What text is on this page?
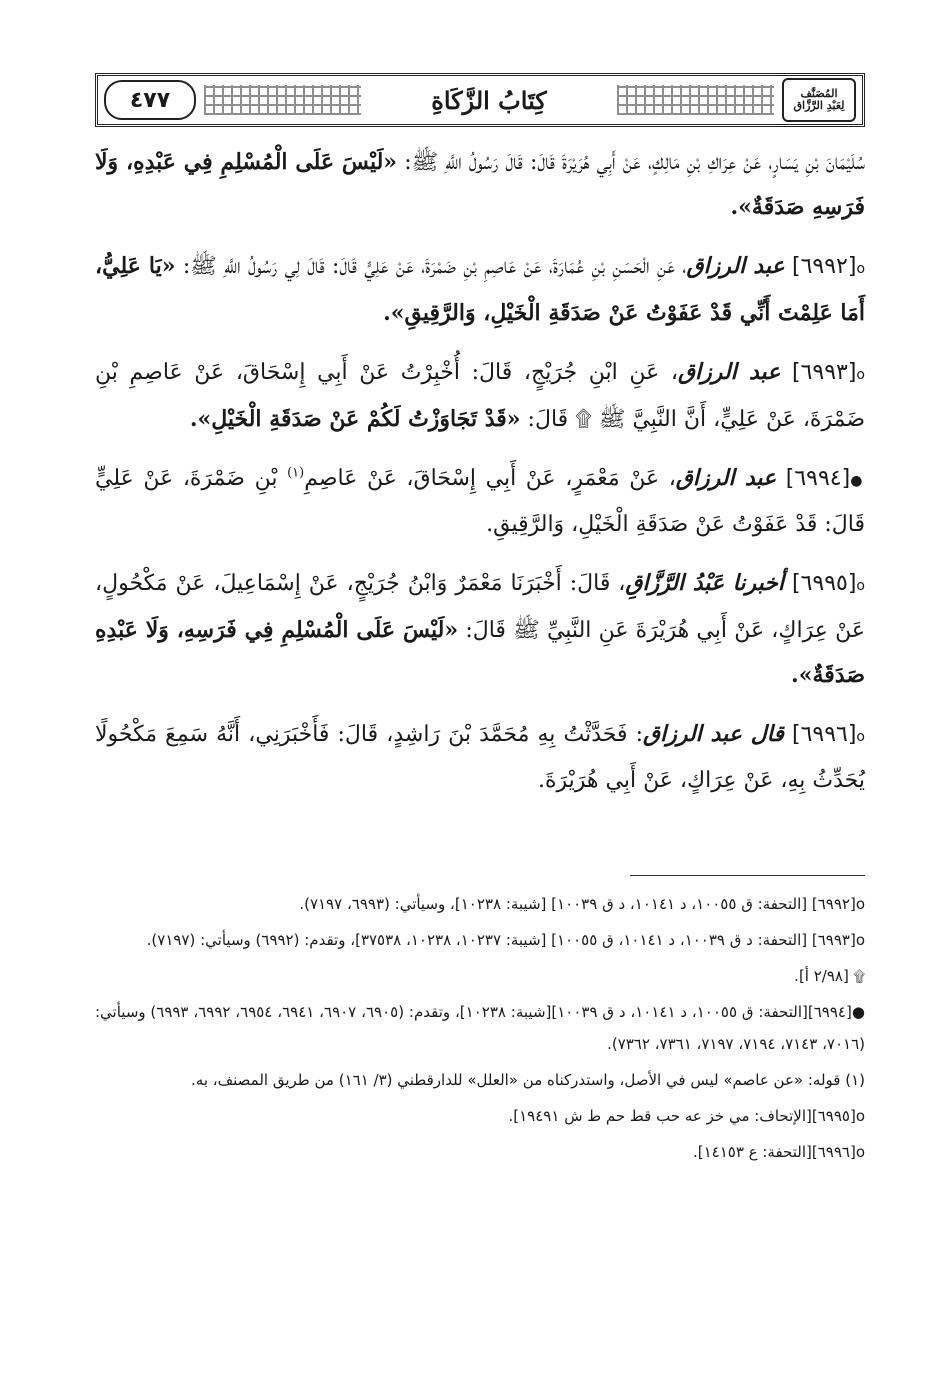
٤٧٧	كِتَابُ الزَّكَاةِ	المُصَنَّف
لِعَبْدِ الرَّزَّاق

سُلَيْمَانَ بْنِ يَسَارٍ، عَنْ عِرَاكِ بْنِ مَالِكٍ، عَنْ أَبِي هُرَيْرَةَ قَالَ: قَالَ رَسُولُ اللَّهِ ﷺ: «لَيْسَ عَلَى الْمُسْلِمِ فِي عَبْدِهِ، وَلَا فَرَسِهِ صَدَقَةٌ».

ο[٦٩٩٢] عبد الرزاق، عَنِ الْحَسَنِ بْنِ عُمَارَةَ، عَنْ عَاصِمِ بْنِ ضَمْرَةَ، عَنْ عَلِيٍّ قَالَ: قَالَ لِي رَسُولُ اللَّهِ ﷺ: «يَا عَلِيُّ، أَمَا عَلِمْتَ أَنِّي قَدْ عَفَوْتُ عَنْ صَدَقَةِ الْخَيْلِ، وَالرَّقِيقِ».

ο[٦٩٩٣] عبد الرزاق، عَنِ ابْنِ جُرَيْجٍ، قَالَ: أُخْبِرْتُ عَنْ أَبِي إِسْحَاقَ، عَنْ عَاصِمِ بْنِ ضَمْرَةَ، عَنْ عَلِيٍّ، أَنَّ النَّبِيَّ ﷺ ۩ قَالَ: «قَدْ تَجَاوَزْتُ لَكُمْ عَنْ صَدَقَةِ الْخَيْلِ».

●[٦٩٩٤] عبد الرزاق، عَنْ مَعْمَرٍ، عَنْ أَبِي إِسْحَاقَ، عَنْ عَاصِمِ$^{(١)}$ بْنِ ضَمْرَةَ، عَنْ عَلِيٍّ قَالَ: قَدْ عَفَوْتُ عَنْ صَدَقَةِ الْخَيْلِ، وَالرَّقِيقِ.

ο[٦٩٩٥] أخبرنا عَبْدُ الرَّزَّاقِ، قَالَ: أَخْبَرَنَا مَعْمَرٌ وَابْنُ جُرَيْجٍ، عَنْ إِسْمَاعِيلَ، عَنْ مَكْحُولٍ، عَنْ عِرَاكٍ، عَنْ أَبِي هُرَيْرَةَ عَنِ النَّبِيِّ ﷺ قَالَ: «لَيْسَ عَلَى الْمُسْلِمِ فِي فَرَسِهِ، وَلَا عَبْدِهِ صَدَقَةٌ».

ο[٦٩٩٦] قال عبد الرزاق: فَحَدَّثْتُ بِهِ مُحَمَّدَ بْنَ رَاشِدٍ، قَالَ: فَأَخْبَرَنِي، أَنَّهُ سَمِعَ مَكْحُولًا يُحَدِّثُ بِهِ، عَنْ عِرَاكٍ، عَنْ أَبِي هُرَيْرَةَ.

ο[٦٩٩٢] [التحفة: ق ١٠٠٥٥، د ١٠١٤١، د ق ١٠٠٣٩] [شيبة: ١٠٢٣٨]، وسيأتي: (٦٩٩٣، ٧١٩٧).

ο[٦٩٩٣] [التحفة: د ق ١٠٠٣٩، د ١٠١٤١، ق ١٠٠٥٥] [شيبة: ١٠٢٣٧، ١٠٢٣٨، ٣٧٥٣٨]، وتقدم: (٦٩٩٢) وسيأتي: (٧١٩٧).

۩ [٢/٩٨ أ].

●[٦٩٩٤][التحفة: ق ١٠٠٥٥، د ١٠١٤١، د ق ١٠٠٣٩][شيبة: ١٠٢٣٨]، وتقدم: (٦٩٠٥، ٦٩٠٧، ٦٩٤١، ٦٩٥٤، ٦٩٩٢، ٦٩٩٣) وسيأتي: (٧٠١٦، ٧١٤٣، ٧١٩٤، ٧١٩٧، ٧٣٦١، ٧٣٦٢).

(١) قوله: «عن عاصم» ليس في الأصل، واستدركناه من «العلل» للدارقطني (٣/ ١٦١) من طريق المصنف، به.

ο[٦٩٩٥][الإتحاف: مي خز عه حب قط حم ط ش ١٩٤٩١].

ο[٦٩٩٦][التحفة: ع ١٤١٥٣].
